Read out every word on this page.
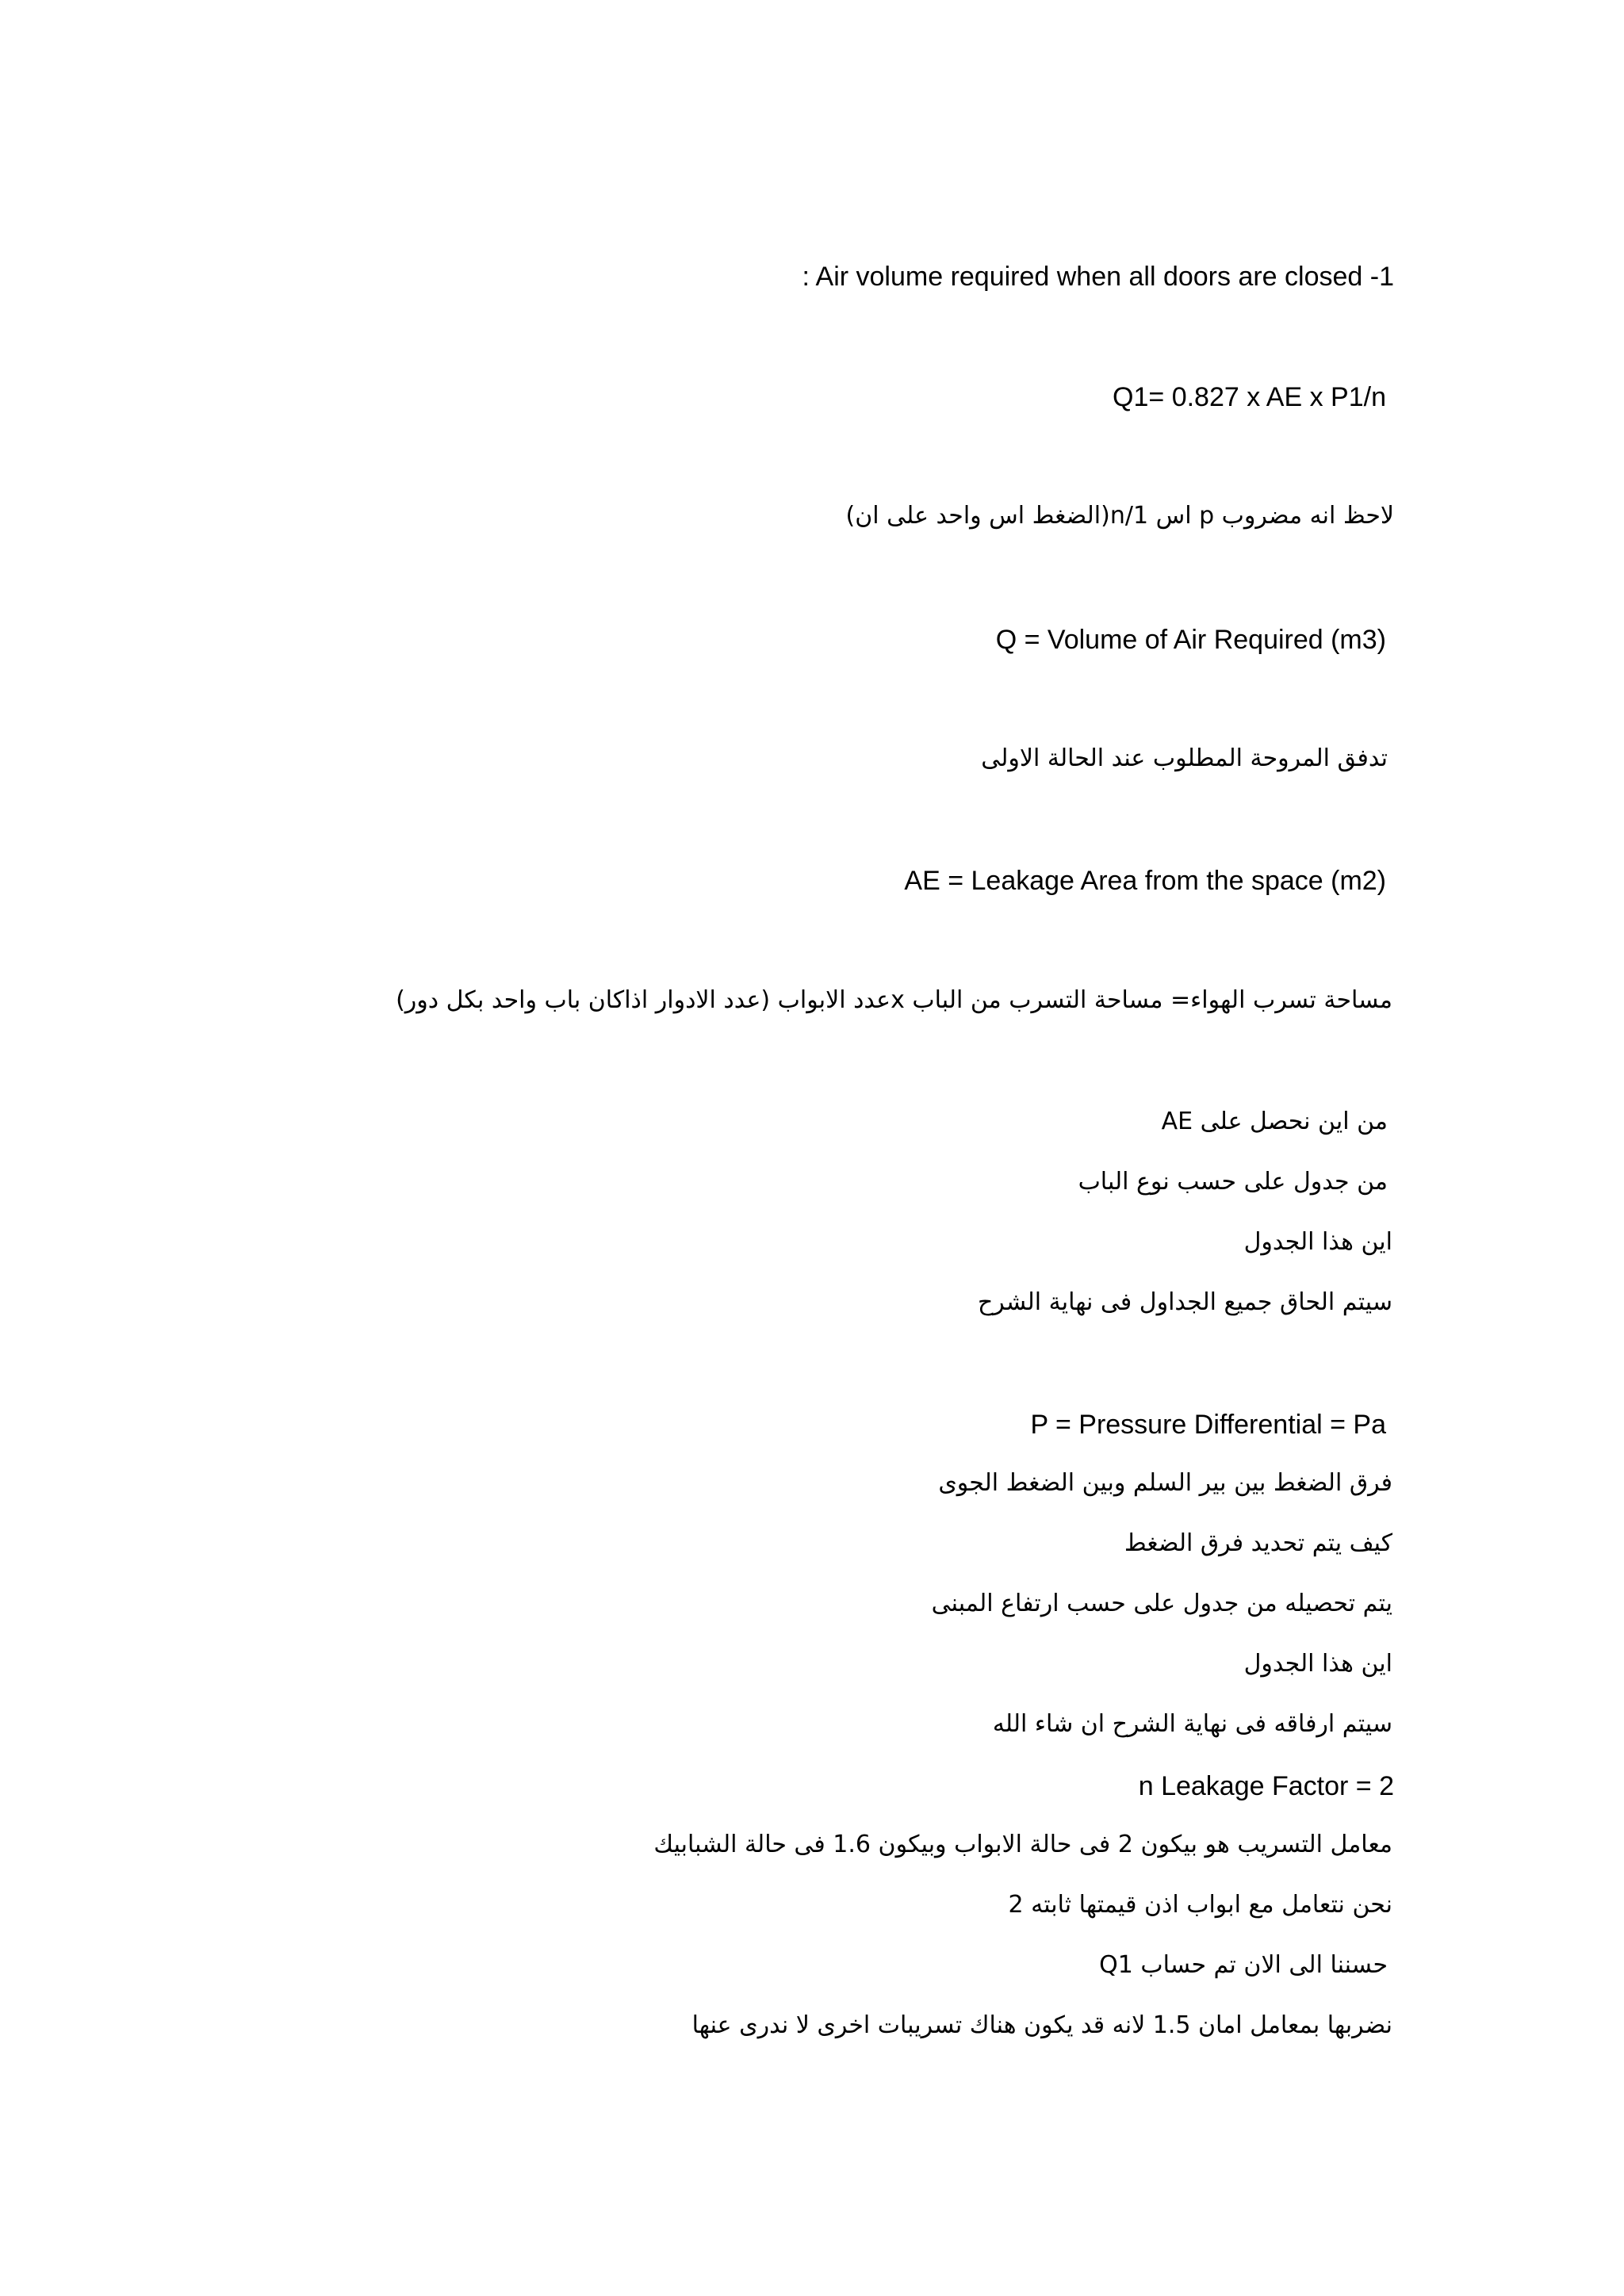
: Air volume required when all doors are closed -1
Q1= 0.827 x AE x P1/n
لاحظ انه مضروب p اس n/1(الضغط اس واحد على ان)
Q = Volume of Air Required (m3)
تدفق المروحة المطلوب عند الحالة الاولى
AE = Leakage Area from the space (m2)
مساحة تسرب الهواء= مساحة التسرب من الباب xعدد الابواب (عدد الادوار اذاكان باب واحد بكل دور)
من اين نحصل على AE
من جدول على حسب نوع الباب
اين هذا الجدول
سيتم الحاق جميع الجداول فى نهاية الشرح
P = Pressure Differential = Pa
فرق الضغط بين بير السلم وبين الضغط الجوى
كيف يتم تحديد فرق الضغط
يتم تحصيله من جدول على حسب ارتفاع المبنى
اين هذا الجدول
سيتم ارفاقه فى نهاية الشرح ان شاء الله
n Leakage Factor = 2
معامل التسريب هو بيكون 2 فى حالة الابواب وبيكون 1.6 فى حالة الشبابيك
نحن نتعامل مع ابواب اذن قيمتها ثابته 2
حسننا الى الان تم حساب Q1
نضربها بمعامل امان 1.5 لانه قد يكون هناك تسريبات اخرى لا ندرى عنها
